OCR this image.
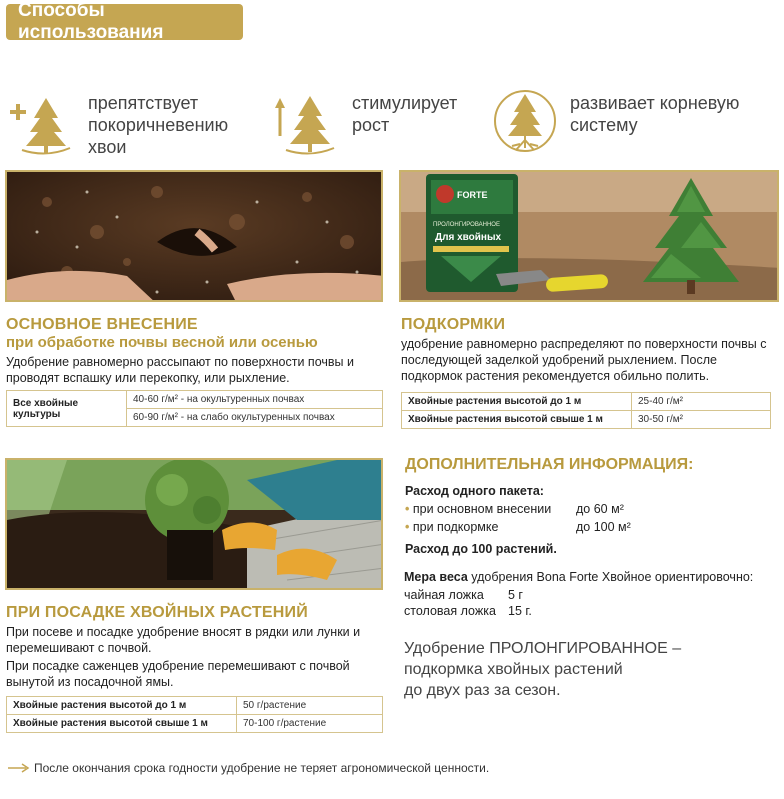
Способы использования
препятствует
покоричневению
хвои
стимулирует
рост
развивает корневую
систему
FORTE
ПРОЛОНГИРОВАННОЕ
Для хвойных
ОСНОВНОЕ ВНЕСЕНИЕ
при обработке почвы весной или осенью
Удобрение равномерно рассыпают по поверхности почвы и проводят вспашку или перекопку, или рыхление.
Все хвойные культуры	40-60 г/м² - на окультуренных почвах
60-90 г/м² - на слабо окультуренных почвах
ПОДКОРМКИ
удобрение равномерно распределяют по поверхности почвы с последующей заделкой удобрений рыхлением. После подкормок растения рекомендуется обильно полить.
Хвойные растения высотой до 1 м	25-40 г/м²
Хвойные растения высотой свыше 1 м	30-50 г/м²
ПРИ ПОСАДКЕ ХВОЙНЫХ РАСТЕНИЙ
При посеве и посадке удобрение вносят в рядки или лунки и перемешивают с почвой.
При посадке саженцев удобрение перемешивают с почвой вынутой из посадочной ямы.
Хвойные растения высотой до 1 м	50 г/растение
Хвойные растения высотой свыше 1 м	70-100 г/растение
ДОПОЛНИТЕЛЬНАЯ ИНФОРМАЦИЯ:
Расход одного пакета:
• при основном внесении до 60 м²
• при подкормке	до 100 м²
Расход до 100 растений.
Мера веса удобрения Bona Forte Хвойное ориентировочно:
чайная ложка 5 г
столовая ложка 15 г.
Удобрение ПРОЛОНГИРОВАННОЕ –
подкормка хвойных растений
до двух раз за сезон.
После окончания срока годности удобрение не теряет агрономической ценности.
